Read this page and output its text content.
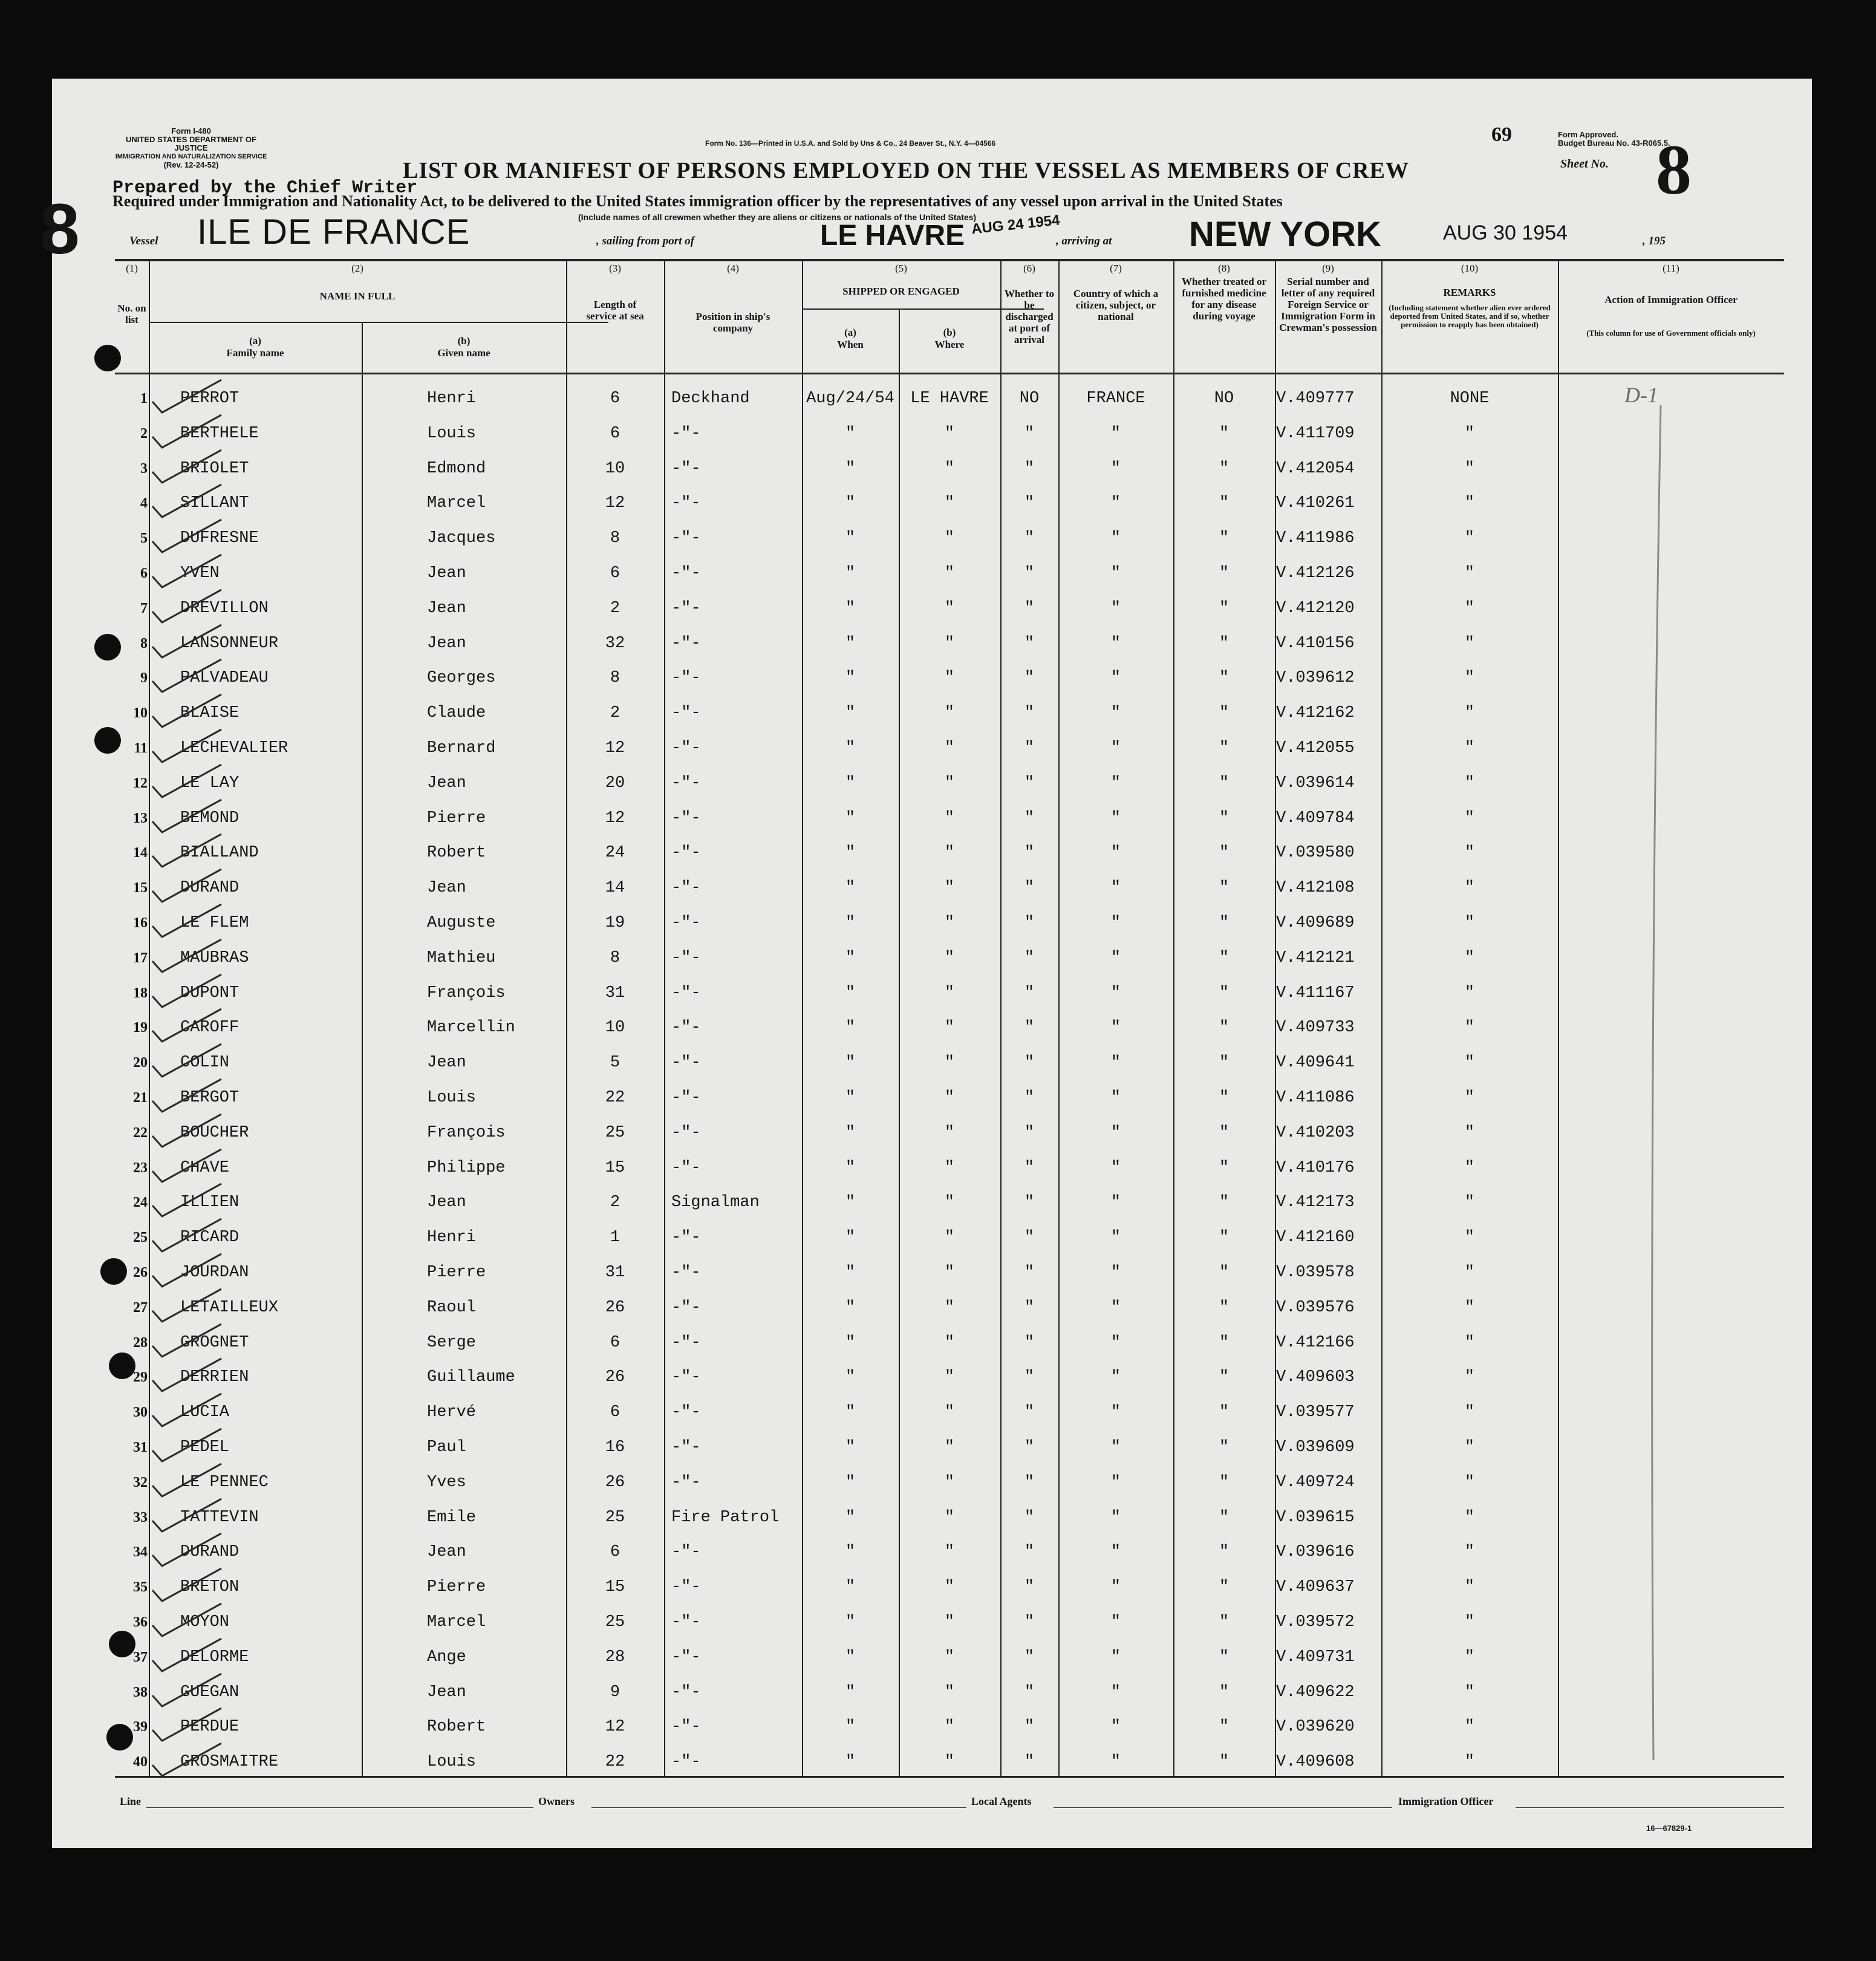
Form I-480
UNITED STATES DEPARTMENT OF JUSTICE
IMMIGRATION AND NATURALIZATION SERVICE
(Rev. 12-24-52)
Form No. 136—Printed in U.S.A. and Sold by Uns & Co., 24 Beaver St., N.Y. 4—04566	69	Form Approved.
Budget Bureau No. 43-R065.5.
Sheet No. 8
LIST OR MANIFEST OF PERSONS EMPLOYED ON THE VESSEL AS MEMBERS OF CREW
Prepared by the Chief Writer
Required under Immigration and Nationality Act, to be delivered to the United States immigration officer by the representatives of any vessel upon arrival in the United States
(Include names of all crewmen whether they are aliens or citizens or nationals of the United States)
8	Vessel ILE DE FRANCE	, sailing from port of	LE HAVRE AUG 24 1954
, arriving at NEW YORK	AUG 30 1954	, 195
(1)	(2)	(3)	(4)	(5)	(6)	(7)	(8)	(9)	(10)	(11)
No. on list
NAME IN FULL
(a)
Family name
(b)
Given name
Length of service at sea	Position in ship's company
SHIPPED OR ENGAGED
(a)
When
(b)
Where
Whether to be discharged at port of arrival
Country of which a citizen, subject, or national
Whether treated or furnished medicine for any disease during voyage
Serial number and letter of any required Foreign Service or Immigration Form in Crewman's possession
REMARKS
(Including statement whether alien ever ordered deported from United States, and if so, whether permission to reapply has been obtained)
Action of Immigration Officer
(This column for use of Government officials only)
1 PERROT	Henri	6	Deckhand	Aug/24/54 LE HAVRE	NO	FRANCE	NO	V.409777	NONE
2 BERTHELE	Louis	6	-"-	"	"	"	"	"	V.411709	"
3 BRIOLET	Edmond	10	-"-	"	"	"	"	"	V.412054	"
4 SILLANT	Marcel	12	-"-	"	"	"	"	"	V.410261	"
5 DUFRESNE	Jacques	8	-"-	"	"	"	"	"	V.411986	"
6 YVEN	Jean	6	-"-	"	"	"	"	"	V.412126	"
7 DREVILLON	Jean	2	-"-	"	"	"	"	"	V.412120	"
8 LANSONNEUR	Jean	32	-"-	"	"	"	"	"	V.410156	"
9 PALVADEAU	Georges	8	-"-	"	"	"	"	"	V.039612	"
10 BLAISE	Claude	2	-"-	"	"	"	"	"	V.412162	"
11 LECHEVALIER	Bernard	12	-"-	"	"	"	"	"	V.412055	"
12 LE LAY	Jean	20	-"-	"	"	"	"	"	V.039614	"
13 BEMOND	Pierre	12	-"-	"	"	"	"	"	V.409784	"
14 BIALLAND	Robert	24	-"-	"	"	"	"	"	V.039580	"
15 DURAND	Jean	14	-"-	"	"	"	"	"	V.412108	"
16 LE FLEM	Auguste	19	-"-	"	"	"	"	"	V.409689	"
17 MAUBRAS	Mathieu	8	-"-	"	"	"	"	"	V.412121	"
18 DUPONT	François	31	-"-	"	"	"	"	"	V.411167	"
19 CAROFF	Marcellin	10	-"-	"	"	"	"	"	V.409733	"
20 COLIN	Jean	5	-"-	"	"	"	"	"	V.409641	"
21 BERGOT	Louis	22	-"-	"	"	"	"	"	V.411086	"
22 BOUCHER	François	25	-"-	"	"	"	"	"	V.410203	"
23 CHAVE	Philippe	15	-"-	"	"	"	"	"	V.410176	"
24 ILLIEN	Jean	2	Signalman	"	"	"	"	"	V.412173	"
25 RICARD	Henri	1	-"-	"	"	"	"	"	V.412160	"
26 JOURDAN	Pierre	31	-"-	"	"	"	"	"	V.039578	"
27 LETAILLEUX	Raoul	26	-"-	"	"	"	"	"	V.039576	"
28 GROGNET	Serge	6	-"-	"	"	"	"	"	V.412166	"
29 DERRIEN	Guillaume	26	-"-	"	"	"	"	"	V.409603	"
30 LUCIA	Hervé	6	-"-	"	"	"	"	"	V.039577	"
31 PEDEL	Paul	16	-"-	"	"	"	"	"	V.039609	"
32 LE PENNEC	Yves	26	-"-	"	"	"	"	"	V.409724	"
33 TATTEVIN	Emile	25	Fire Patrol	"	"	"	"	"	V.039615	"
34 DURAND	Jean	6	-"-	"	"	"	"	"	V.039616	"
35 BRETON	Pierre	15	-"-	"	"	"	"	"	V.409637	"
36 MOYON	Marcel	25	-"-	"	"	"	"	"	V.039572	"
37 DELORME	Ange	28	-"-	"	"	"	"	"	V.409731	"
38 GUEGAN	Jean	9	-"-	"	"	"	"	"	V.409622	"
39 PERDUE	Robert	12	-"-	"	"	"	"	"	V.039620	"
40 GROSMAITRE	Louis	22	-"-	"	"	"	"	"	V.409608	"
D-1
Line	Owners	Local Agents	Immigration Officer
16—67829-1
